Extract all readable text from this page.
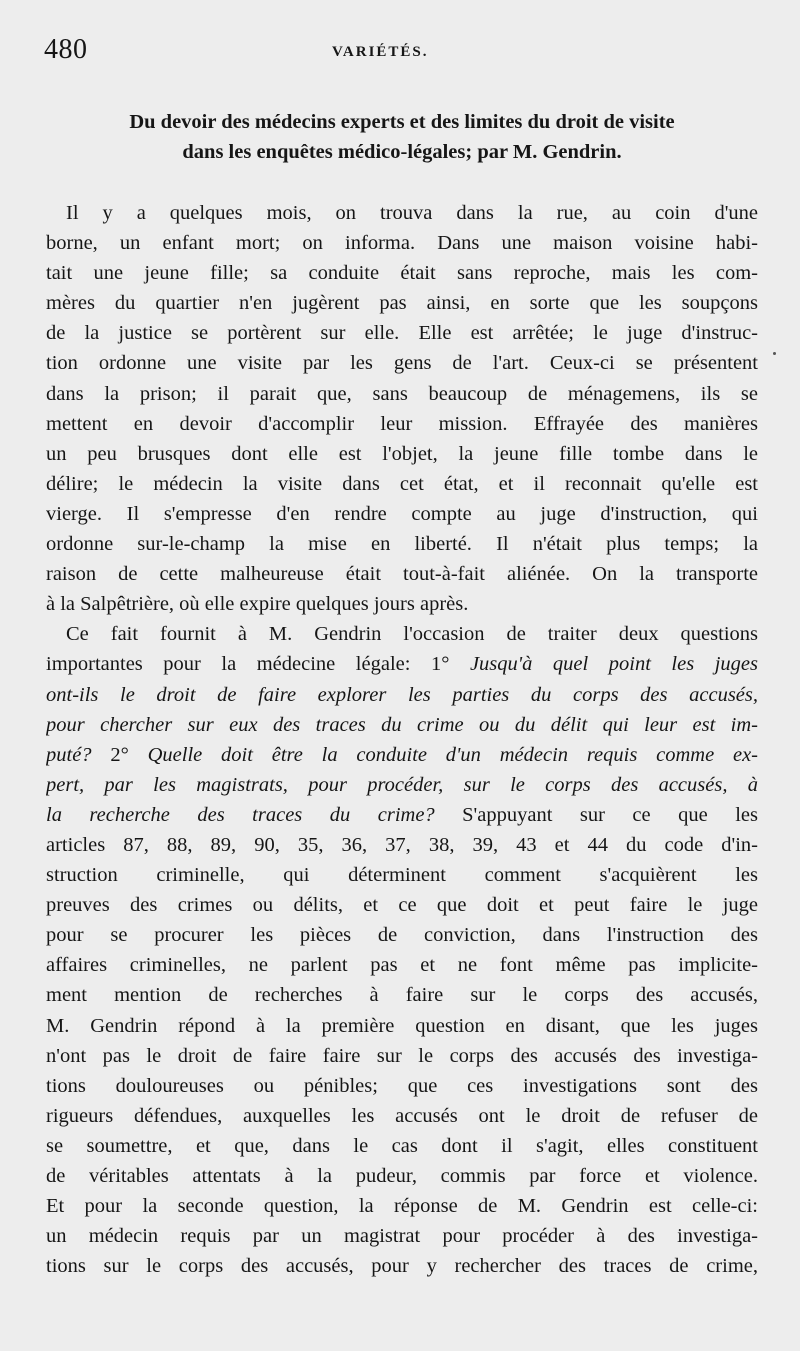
480	VARIÉTÉS.
Du devoir des médecins experts et des limites du droit de visite
dans les enquêtes médico-légales; par M. Gendrin.
Il y a quelques mois, on trouva dans la rue, au coin d'une
borne, un enfant mort; on informa. Dans une maison voisine habi-
tait une jeune fille; sa conduite était sans reproche, mais les com-
mères du quartier n'en jugèrent pas ainsi, en sorte que les soupçons
de la justice se portèrent sur elle. Elle est arrêtée; le juge d'instruc-
tion ordonne une visite par les gens de l'art. Ceux-ci se présentent
dans la prison; il parait que, sans beaucoup de ménagemens, ils se
mettent en devoir d'accomplir leur mission. Effrayée des manières
un peu brusques dont elle est l'objet, la jeune fille tombe dans le
délire; le médecin la visite dans cet état, et il reconnait qu'elle est
vierge. Il s'empresse d'en rendre compte au juge d'instruction, qui
ordonne sur-le-champ la mise en liberté. Il n'était plus temps; la
raison de cette malheureuse était tout-à-fait aliénée. On la transporte
à la Salpêtrière, où elle expire quelques jours après.
Ce fait fournit à M. Gendrin l'occasion de traiter deux questions
importantes pour la médecine légale: 1° Jusqu'à quel point les juges
ont-ils le droit de faire explorer les parties du corps des accusés,
pour chercher sur eux des traces du crime ou du délit qui leur est im-
puté? 2° Quelle doit être la conduite d'un médecin requis comme ex-
pert, par les magistrats, pour procéder, sur le corps des accusés, à
la recherche des traces du crime? S'appuyant sur ce que les
articles 87, 88, 89, 90, 35, 36, 37, 38, 39, 43 et 44 du code d'in-
struction criminelle, qui déterminent comment s'acquièrent les
preuves des crimes ou délits, et ce que doit et peut faire le juge
pour se procurer les pièces de conviction, dans l'instruction des
affaires criminelles, ne parlent pas et ne font même pas implicite-
ment mention de recherches à faire sur le corps des accusés,
M. Gendrin répond à la première question en disant, que les juges
n'ont pas le droit de faire faire sur le corps des accusés des investiga-
tions douloureuses ou pénibles; que ces investigations sont des
rigueurs défendues, auxquelles les accusés ont le droit de refuser de
se soumettre, et que, dans le cas dont il s'agit, elles constituent
de véritables attentats à la pudeur, commis par force et violence.
Et pour la seconde question, la réponse de M. Gendrin est celle-ci:
un médecin requis par un magistrat pour procéder à des investiga-
tions sur le corps des accusés, pour y rechercher des traces de crime,
